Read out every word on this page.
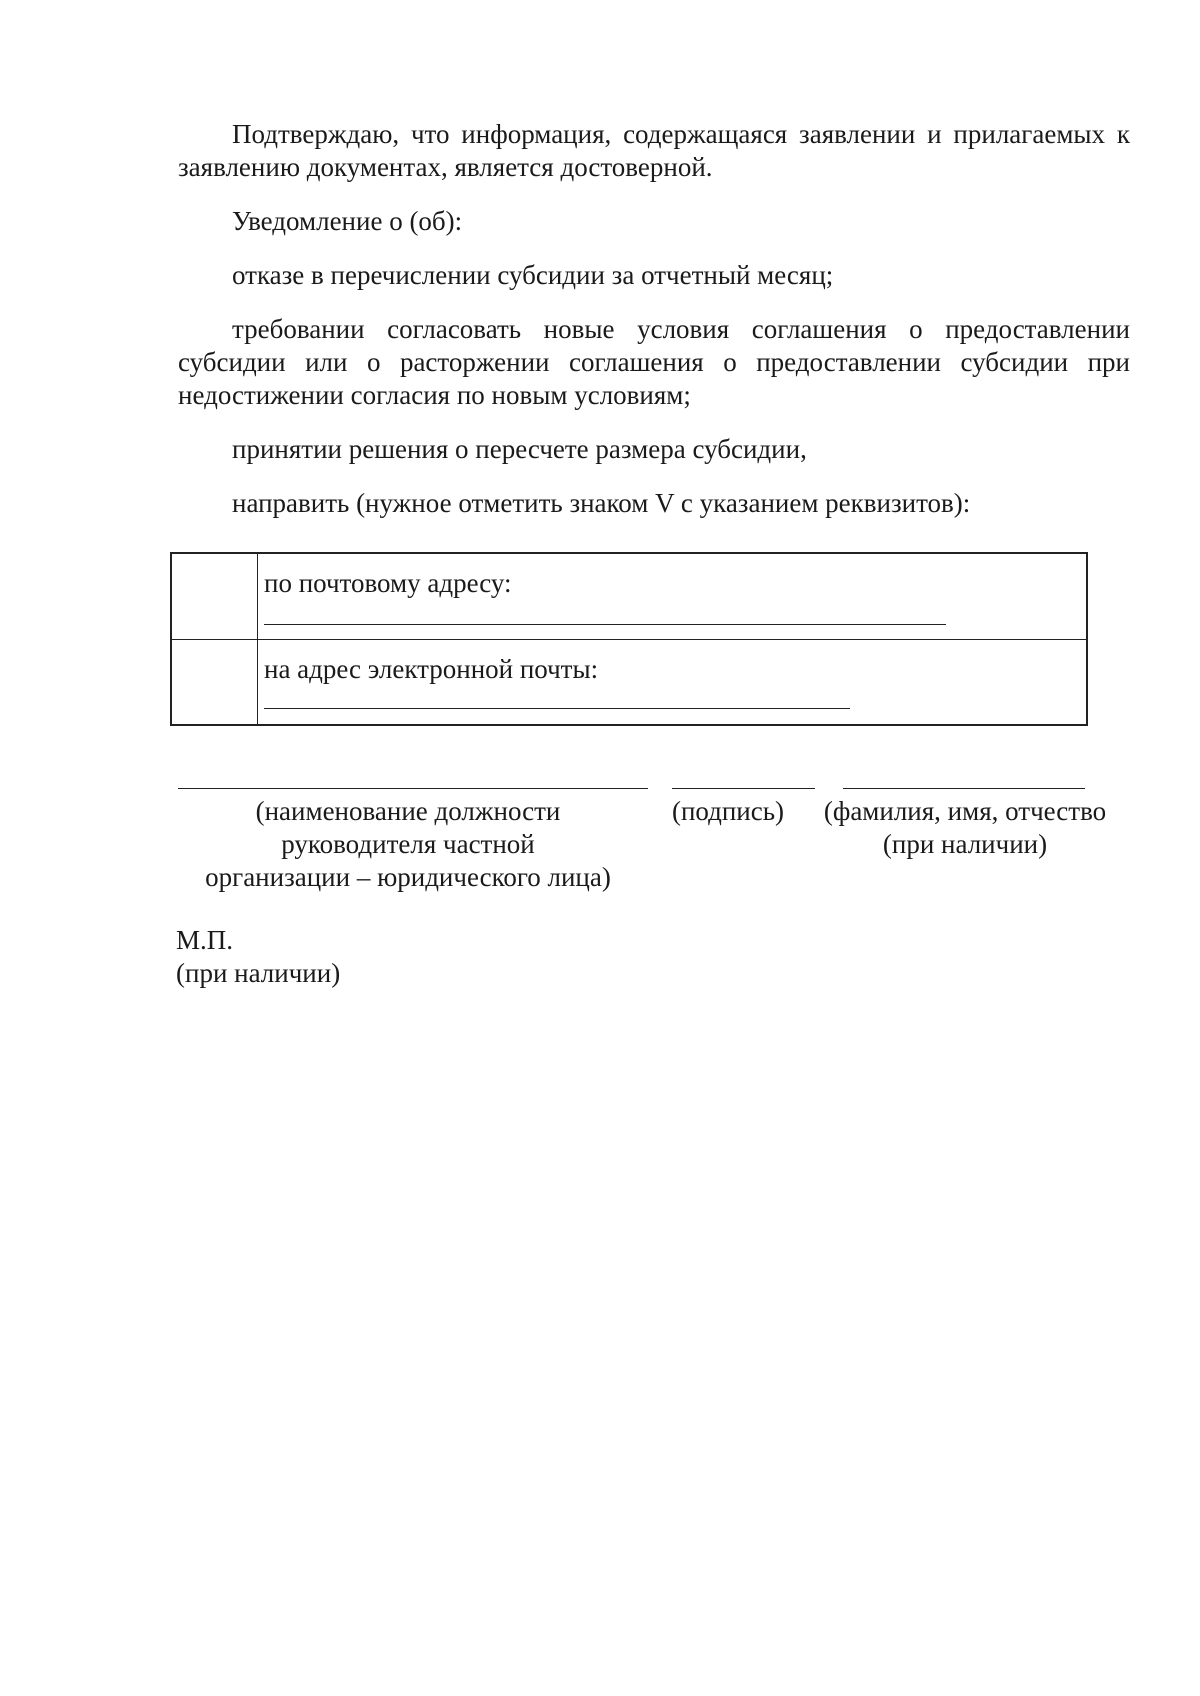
Подтверждаю, что информация, содержащаяся заявлении и прилагаемых к заявлению документах, является достоверной.

Уведомление о (об):

отказе в перечислении субсидии за отчетный месяц;

требовании согласовать новые условия соглашения о предоставлении субсидии или о расторжении соглашения о предоставлении субсидии при недостижении согласия по новым условиям;

принятии решения о пересчете размера субсидии,

направить (нужное отметить знаком V с указанием реквизитов):

по почтовому адресу:
на адрес электронной почты:
(наименование должности
руководителя частной
организации – юридического лица)
(подпись)	(фамилия, имя, отчество
(при наличии)
М.П.
(при наличии)
